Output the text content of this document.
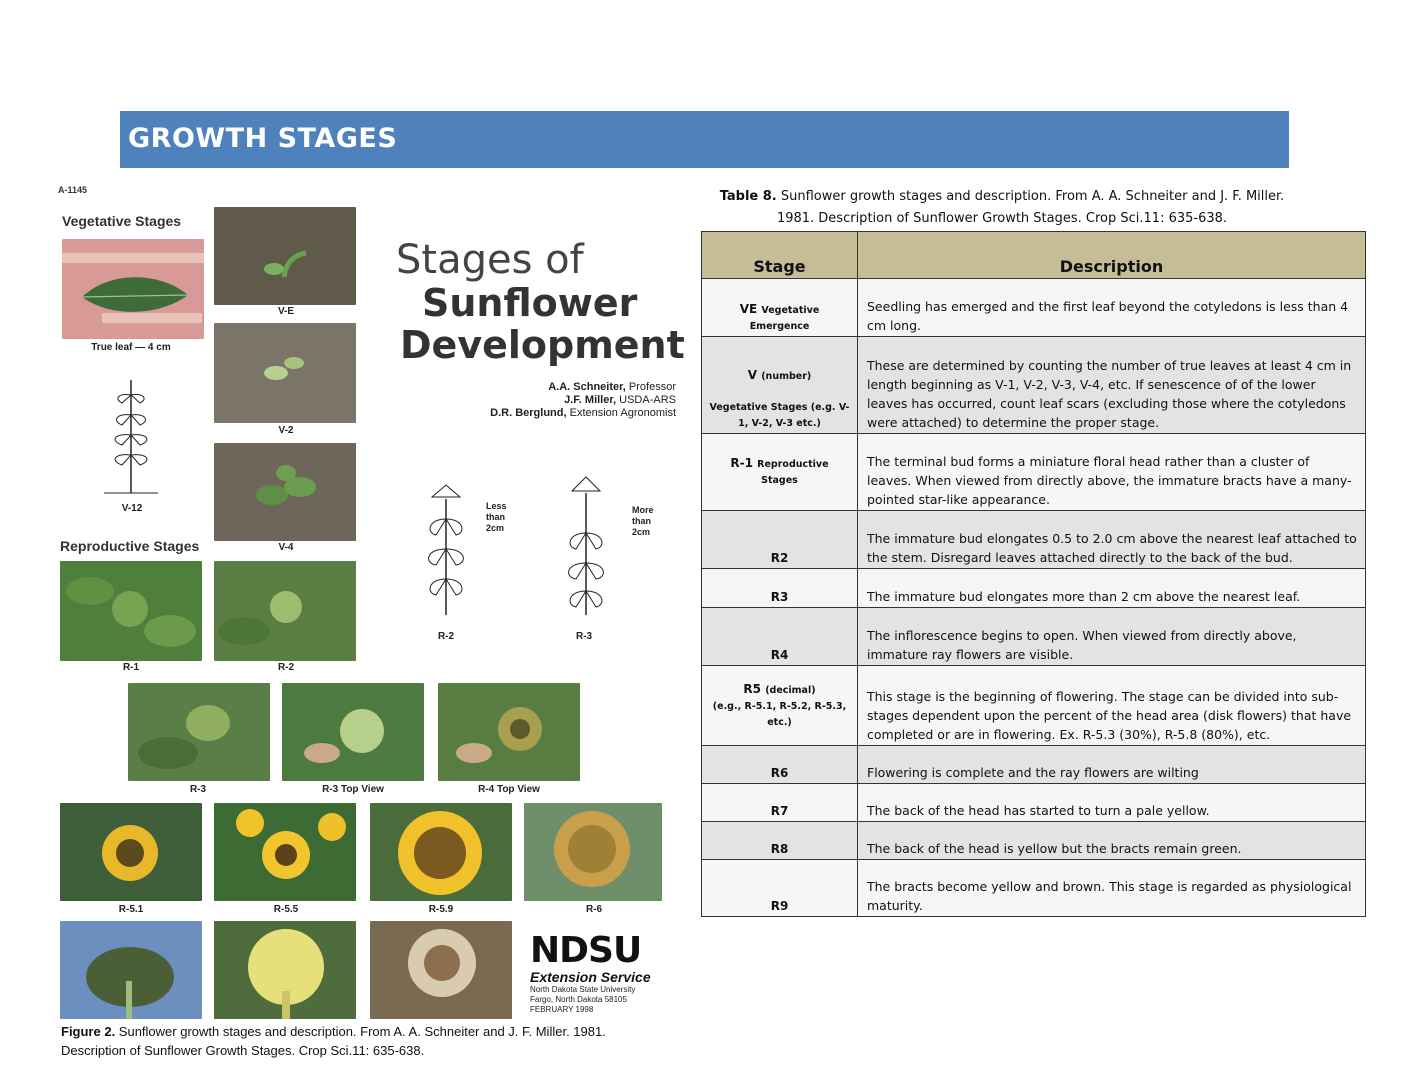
GROWTH STAGES
A-1145
Vegetative Stages
True leaf — 4 cm
V-E
V-2
V-4
V-12
Reproductive Stages
R-1	R-2
Stages of
Sunflower
Development
A.A. Schneiter, Professor
J.F. Miller, USDA-ARS
D.R. Berglund, Extension Agronomist
R-2
Less than 2cm
R-3
More than 2cm
R-3	R-3 Top View	R-4 Top View
R-5.1	R-5.5	R-5.9	R-6
NDSU
Extension Service
North Dakota State University
Fargo, North Dakota 58105
FEBRUARY 1998
Figure 2. Sunflower growth stages and description. From A. A. Schneiter and J. F. Miller. 1981. Description of Sunflower Growth Stages. Crop Sci.11: 635-638.
Table 8. Sunflower growth stages and description. From A. A. Schneiter and J. F. Miller. 1981. Description of Sunflower Growth Stages. Crop Sci.11: 635-638.
Stage	Description
VE Vegetative
Emergence	Seedling has emerged and the first leaf beyond the cotyledons is less than 4 cm long.
V (number)

Vegetative Stages (e.g. V-1, V-2, V-3 etc.)	These are determined by counting the number of true leaves at least 4 cm in length beginning as V-1, V-2, V-3, V-4, etc. If senescence of of the lower leaves has occurred, count leaf scars (excluding those where the cotyledons were attached) to determine the proper stage.
R-1 Reproductive
Stages	The terminal bud forms a miniature floral head rather than a cluster of leaves. When viewed from directly above, the immature bracts have a many-pointed star-like appearance.
R2	The immature bud elongates 0.5 to 2.0 cm above the nearest leaf attached to the stem. Disregard leaves attached directly to the back of the bud.
R3	The immature bud elongates more than 2 cm above the nearest leaf.
R4	The inflorescence begins to open. When viewed from directly above, immature ray flowers are visible.
R5 (decimal)
(e.g., R-5.1, R-5.2, R-5.3, etc.)	This stage is the beginning of flowering. The stage can be divided into sub-stages dependent upon the percent of the head area (disk flowers) that have completed or are in flowering. Ex. R-5.3 (30%), R-5.8 (80%), etc.
R6	Flowering is complete and the ray flowers are wilting
R7	The back of the head has started to turn a pale yellow.
R8	The back of the head is yellow but the bracts remain green.
R9	The bracts become yellow and brown. This stage is regarded as physiological maturity.
